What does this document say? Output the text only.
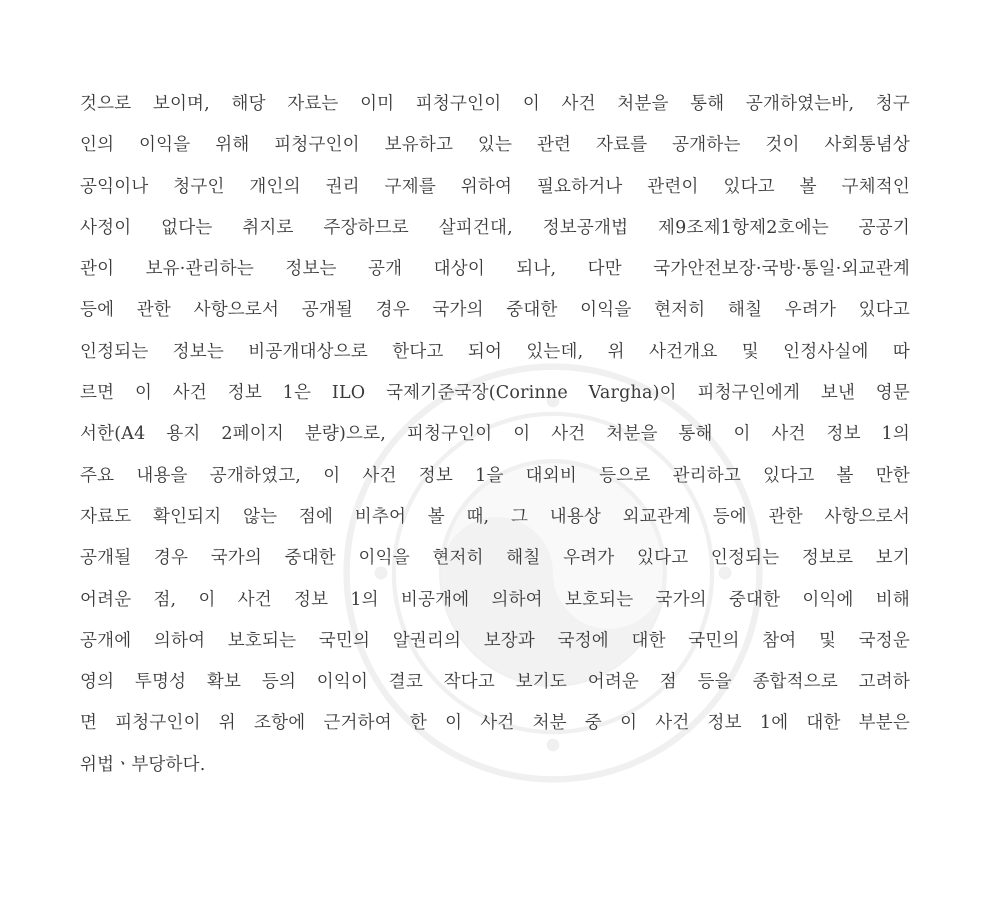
것으로 보이며, 해당 자료는 이미 피청구인이 이 사건 처분을 통해 공개하였는바, 청구
인의 이익을 위해 피청구인이 보유하고 있는 관련 자료를 공개하는 것이 사회통념상
공익이나 청구인 개인의 권리 구제를 위하여 필요하거나 관련이 있다고 볼 구체적인
사정이 없다는 취지로 주장하므로 살피건대, 정보공개법 제9조제1항제2호에는 공공기
관이 보유·관리하는 정보는 공개 대상이 되나, 다만 국가안전보장·국방·통일·외교관계
등에 관한 사항으로서 공개될 경우 국가의 중대한 이익을 현저히 해칠 우려가 있다고
인정되는 정보는 비공개대상으로 한다고 되어 있는데, 위 사건개요 및 인정사실에 따
르면 이 사건 정보 1은 ILO 국제기준국장(Corinne Vargha)이 피청구인에게 보낸 영문
서한(A4 용지 2페이지 분량)으로, 피청구인이 이 사건 처분을 통해 이 사건 정보 1의
주요 내용을 공개하였고, 이 사건 정보 1을 대외비 등으로 관리하고 있다고 볼 만한
자료도 확인되지 않는 점에 비추어 볼 때, 그 내용상 외교관계 등에 관한 사항으로서
공개될 경우 국가의 중대한 이익을 현저히 해칠 우려가 있다고 인정되는 정보로 보기
어려운 점, 이 사건 정보 1의 비공개에 의하여 보호되는 국가의 중대한 이익에 비해
공개에 의하여 보호되는 국민의 알권리의 보장과 국정에 대한 국민의 참여 및 국정운
영의 투명성 확보 등의 이익이 결코 작다고 보기도 어려운 점 등을 종합적으로 고려하
면 피청구인이 위 조항에 근거하여 한 이 사건 처분 중 이 사건 정보 1에 대한 부분은
위법ㆍ부당하다.
